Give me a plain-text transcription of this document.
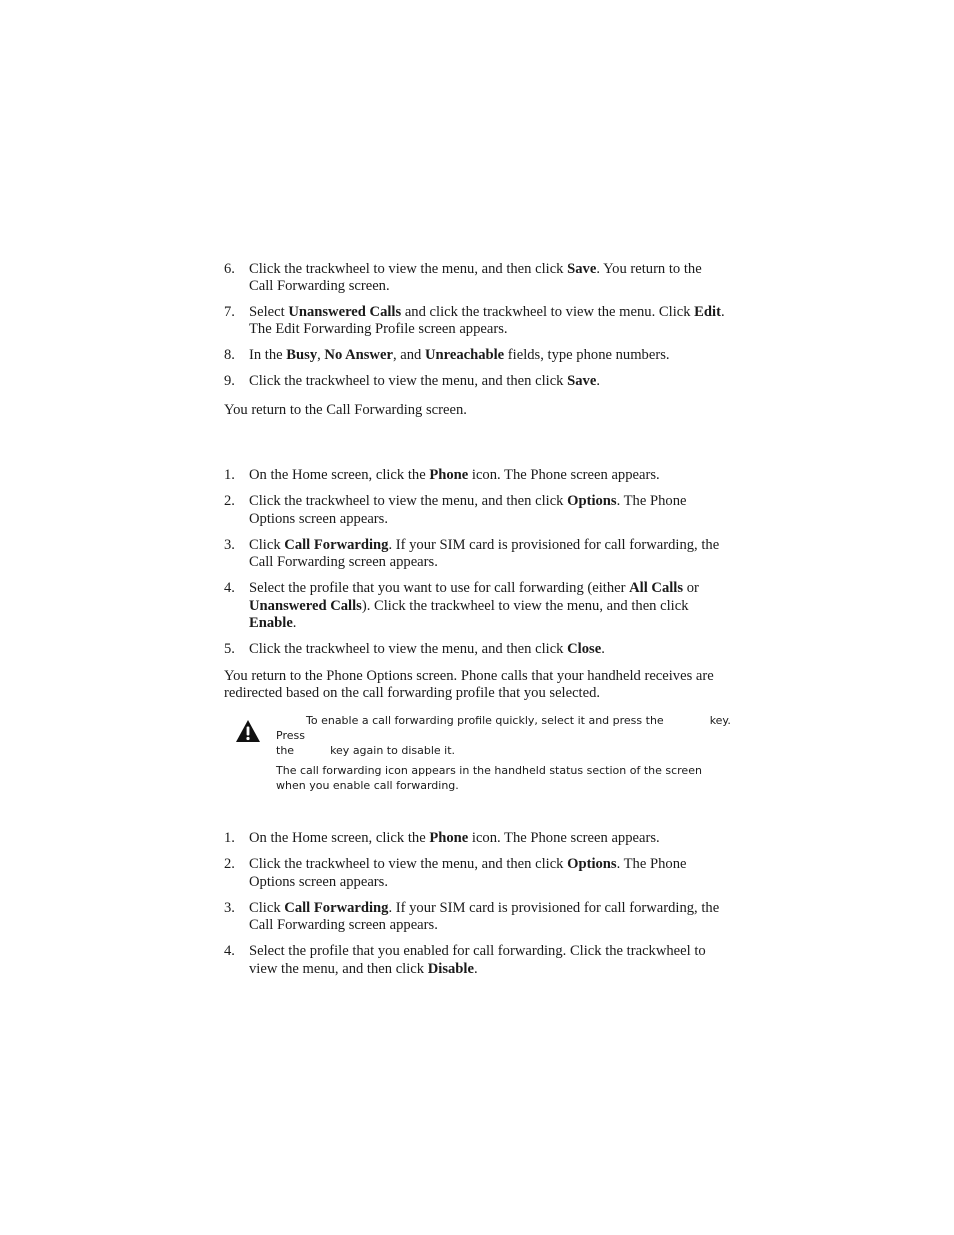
6. Click the trackwheel to view the menu, and then click Save. You return to the Call Forwarding screen.
7. Select Unanswered Calls and click the trackwheel to view the menu. Click Edit. The Edit Forwarding Profile screen appears.
8. In the Busy, No Answer, and Unreachable fields, type phone numbers.
9. Click the trackwheel to view the menu, and then click Save.

You return to the Call Forwarding screen.

1. On the Home screen, click the Phone icon. The Phone screen appears.
2. Click the trackwheel to view the menu, and then click Options. The Phone Options screen appears.
3. Click Call Forwarding. If your SIM card is provisioned for call forwarding, the Call Forwarding screen appears.
4. Select the profile that you want to use for call forwarding (either All Calls or Unanswered Calls). Click the trackwheel to view the menu, and then click Enable.
5. Click the trackwheel to view the menu, and then click Close.

You return to the Phone Options screen. Phone calls that your handheld receives are redirected based on the call forwarding profile that you selected.

To enable a call forwarding profile quickly, select it and press the	key. Press
the	key again to disable it.

The call forwarding icon appears in the handheld status section of the screen when you enable call forwarding.

1. On the Home screen, click the Phone icon. The Phone screen appears.
2. Click the trackwheel to view the menu, and then click Options. The Phone Options screen appears.
3. Click Call Forwarding. If your SIM card is provisioned for call forwarding, the Call Forwarding screen appears.
4. Select the profile that you enabled for call forwarding. Click the trackwheel to view the menu, and then click Disable.
